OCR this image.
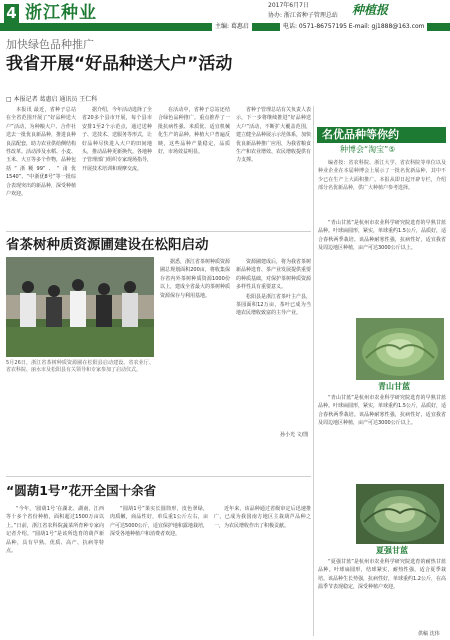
4 浙江种业	2017年6月7日	种植报
协办: 浙江省种子管理总站
主编: 葛惠启	电话: 0571-86757195 E-mail: gj1888@163.com
加快绿色品种推广
我省开展“好品种送大户”活动
□ 本报记者 葛惠启 通讯员 王仁科

本报讯 最近，省种子总站在全省范围开展了“好品种送大户”活动，为种粮大户、合作社送去一批优良新品种，推进良种良法配套，助力农业供给侧结构性改革。活动涉及水稻、小麦、玉米、大豆等多个作物，品种包括“浙粳99”、“甬优1540”、“中浙优8号”等一批综合表现突出的新品种，深受种植户欢迎。

据介绍，今年活动选择了全省20多个县市开展，每个县市安排1至2个示范点，通过送种子、送技术、送服务等形式，让好品种尽快进入大户的田间地头，推动品种更新换代。各地种子管理部门组织专家现场指导，开展技术培训和观摩交流。

在活动中，省种子总站还结合绿色品种推广，重点推荐了一批抗病性强、米质优、适宜机械化生产的品种。种植大户普遍反映，这些品种产量稳定，品质好，市场效益明显。

省种子管理总站有关负责人表示，下一步将继续推进“好品种送大户”活动，不断扩大覆盖范围，建立健全品种展示示范体系，加快优良新品种推广应用，为我省粮食生产和农业增效、农民增收提供有力支撑。

名优品种等你约
种博会“淘宝”⑤

编者按：省农科院、浙江大学、省农科院等单位以及种业企业在本届种博会上展示了一批名优新品种，其中不少已在生产上大面积推广。本报从即日起开辟专栏，介绍部分名优新品种，供广大种植户参考选择。

“青山甘蓝”是杭州市农业科学研究院选育的早熟甘蓝品种。叶球扁圆形，紧实，单球重约1.5公斤，品质好，适合春秋两季栽培。该品种耐寒性强，抗病性好，适宜我省及周边地区种植，亩产可达3000公斤以上。

青山甘蓝

“青山甘蓝”是杭州市农业科学研究院选育的早熟甘蓝品种。叶球扁圆形，紧实，单球重约1.5公斤，品质好，适合春秋两季栽培。该品种耐寒性强，抗病性好，适宜我省及周边地区种植，亩产可达3000公斤以上。

夏强甘蓝

“夏强甘蓝”是杭州市农业科学研究院选育的耐热甘蓝品种。叶球扁圆形，结球紧实，耐热性强，适合夏季栽培。该品种生长势强，抗病性好，单球重约1.2公斤，在高温季节表现稳定，深受种植户欢迎。

供稿 沈伟
省茶树种质资源圃建设在松阳启动
5月26日，浙江省茶树种质资源圃在松阳县启动建设。省农业厅、省农科院、丽水市及松阳县有关领导和专家参加了启动仪式。

据悉，浙江省茶树种质资源圃总规划面积200亩，将收集保存省内外茶树种质资源1000份以上，建成全省最大的茶树种质资源保存与利用基地。

资源圃建成后，将为我省茶树新品种选育、茶产业发展提供重要的种质基础，对保护茶树种质资源多样性具有重要意义。

松阳县是浙江省茶叶主产县，茶园面积12万亩，茶叶已成为当地农民增收致富的主导产业。

孙小光 文/图
“圆葫1号”花开全国十余省

“今年，‘圆葫1号’在湖北、湖南、江西等十多个省份种植，面积超过1500万亩以上。”日前，浙江省农科院蔬菜所育种专家向记者介绍。“圆葫1号”是该所选育的葫芦新品种，具有早熟、优质、高产、抗病等特点。

“圆葫1号”果实长圆筒形，皮色翠绿，肉质嫩，商品性好，单瓜重1公斤左右，亩产可达5000公斤，适宜保护地和露地栽培，深受各地种植户和消费者欢迎。

近年来，该品种通过省级审定后迅速推广，已成为我国南方地区主栽葫芦品种之一，为农民增收作出了积极贡献。
